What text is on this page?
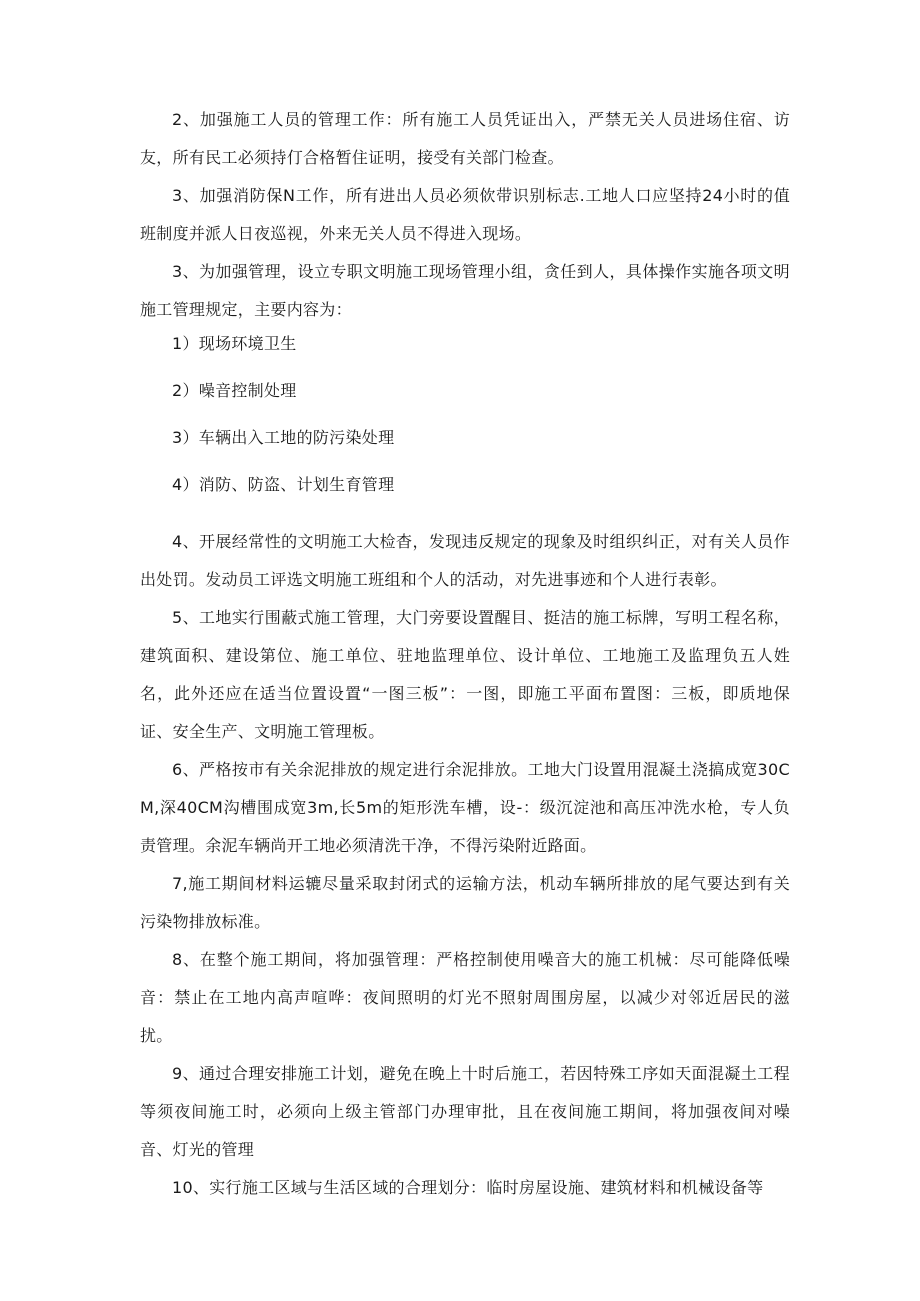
2、加强施工人员的管理工作：所有施工人员凭证出入，严禁无关人员进场住宿、访友，所有民工必须持仃合格暂住证明，接受有关部门检查。

3、加强消防保N工作，所有进出人员必须佽带识别标志.工地人口应坚持24小时的值班制度并派人日夜巡视，外来无关人员不得进入现场。

3、为加强管理，设立专职文明施工现场管理小组，贪任到人，具体操作实施各项文明施工管理规定，主要内容为：

1）现场环境卫生

2）噪音控制处理

3）车辆出入工地的防污染处理

4）消防、防盗、计划生育管理

4、开展经常性的文明施工大检杳，发现违反规定的现象及时组织纠正，对有关人员作出处罚。发动员工评选文明施工班组和个人的活动，对先进事迹和个人进行表彰。

5、工地实行围蔽式施工管理，大门旁要设置醒目、挺洁的施工标牌，写明工程名称，建筑面积、建设第位、施工单位、驻地监理单位、设计单位、工地施工及监理负五人姓名，此外还应在适当位置设置“一图三板”：一图，即施工平面布置图：三板，即质地保证、安全生产、文明施工管理板。

6、严格按市有关余泥排放的规定进行余泥排放。工地大门设置用混凝土浇搞成宽30CM,深40CM沟槽围成宽3m,长5m的矩形洗车槽，设-：级沉淀池和高压冲洗水枪，专人负责管理。余泥车辆尚开工地必须清洗干净，不得污染附近路面。

7,施工期间材料运辘尽量采取封闭式的运输方法，机动车辆所排放的尾气要达到有关污染物排放标准。

8、在整个施工期间，将加强管理：严格控制使用噪音大的施工机械：尽可能降低噪音：禁止在工地内高声喧哗：夜间照明的灯光不照射周围房屋，以减少对邻近居民的滋扰。

9、通过合理安排施工计划，避免在晚上十时后施工，若因特殊工序如天面混凝土工程等须夜间施工时，必须向上级主管部门办理审批，且在夜间施工期间，将加强夜间对噪音、灯光的管理

10、实行施工区域与生活区域的合理划分：临时房屋设施、建筑材料和机械设备等
